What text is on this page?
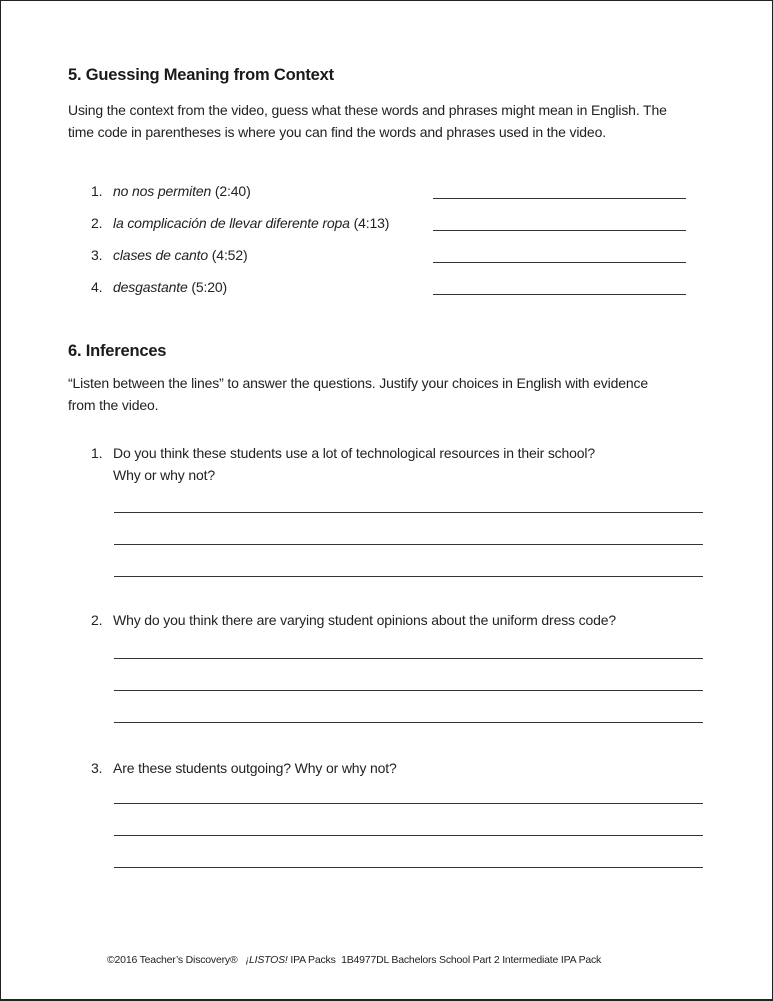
5. Guessing Meaning from Context
Using the context from the video, guess what these words and phrases might mean in English. The
time code in parentheses is where you can find the words and phrases used in the video.
1. no nos permiten (2:40)
2. la complicación de llevar diferente ropa (4:13)
3. clases de canto (4:52)
4. desgastante (5:20)
6. Inferences
“Listen between the lines” to answer the questions. Justify your choices in English with evidence
from the video.
1. Do you think these students use a lot of technological resources in their school?
Why or why not?
2. Why do you think there are varying student opinions about the uniform dress code?
3. Are these students outgoing? Why or why not?
©2016 Teacher’s Discovery® ¡LISTOS! IPA Packs  1B4977DL Bachelors School Part 2 Intermediate IPA Pack
